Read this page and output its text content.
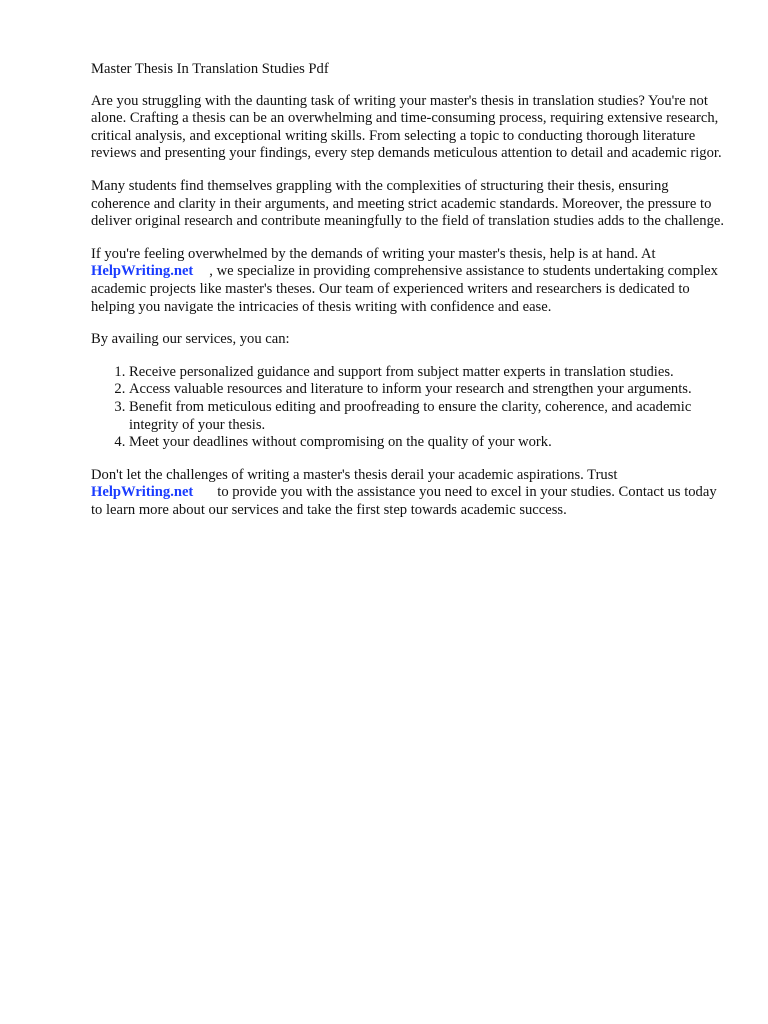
Master Thesis In Translation Studies Pdf

Are you struggling with the daunting task of writing your master's thesis in translation studies? You're not alone. Crafting a thesis can be an overwhelming and time-consuming process, requiring extensive research, critical analysis, and exceptional writing skills. From selecting a topic to conducting thorough literature reviews and presenting your findings, every step demands meticulous attention to detail and academic rigor.

Many students find themselves grappling with the complexities of structuring their thesis, ensuring coherence and clarity in their arguments, and meeting strict academic standards. Moreover, the pressure to deliver original research and contribute meaningfully to the field of translation studies adds to the challenge.

If you're feeling overwhelmed by the demands of writing your master's thesis, help is at hand. At
HelpWriting.net , we specialize in providing comprehensive assistance to students undertaking complex academic projects like master's theses. Our team of experienced writers and researchers is dedicated to helping you navigate the intricacies of thesis writing with confidence and ease.

By availing our services, you can:

1. Receive personalized guidance and support from subject matter experts in translation studies.
2. Access valuable resources and literature to inform your research and strengthen your arguments.
3. Benefit from meticulous editing and proofreading to ensure the clarity, coherence, and academic integrity of your thesis.
4. Meet your deadlines without compromising on the quality of your work.

Don't let the challenges of writing a master's thesis derail your academic aspirations. Trust
HelpWriting.net to provide you with the assistance you need to excel in your studies. Contact us today to learn more about our services and take the first step towards academic success.
